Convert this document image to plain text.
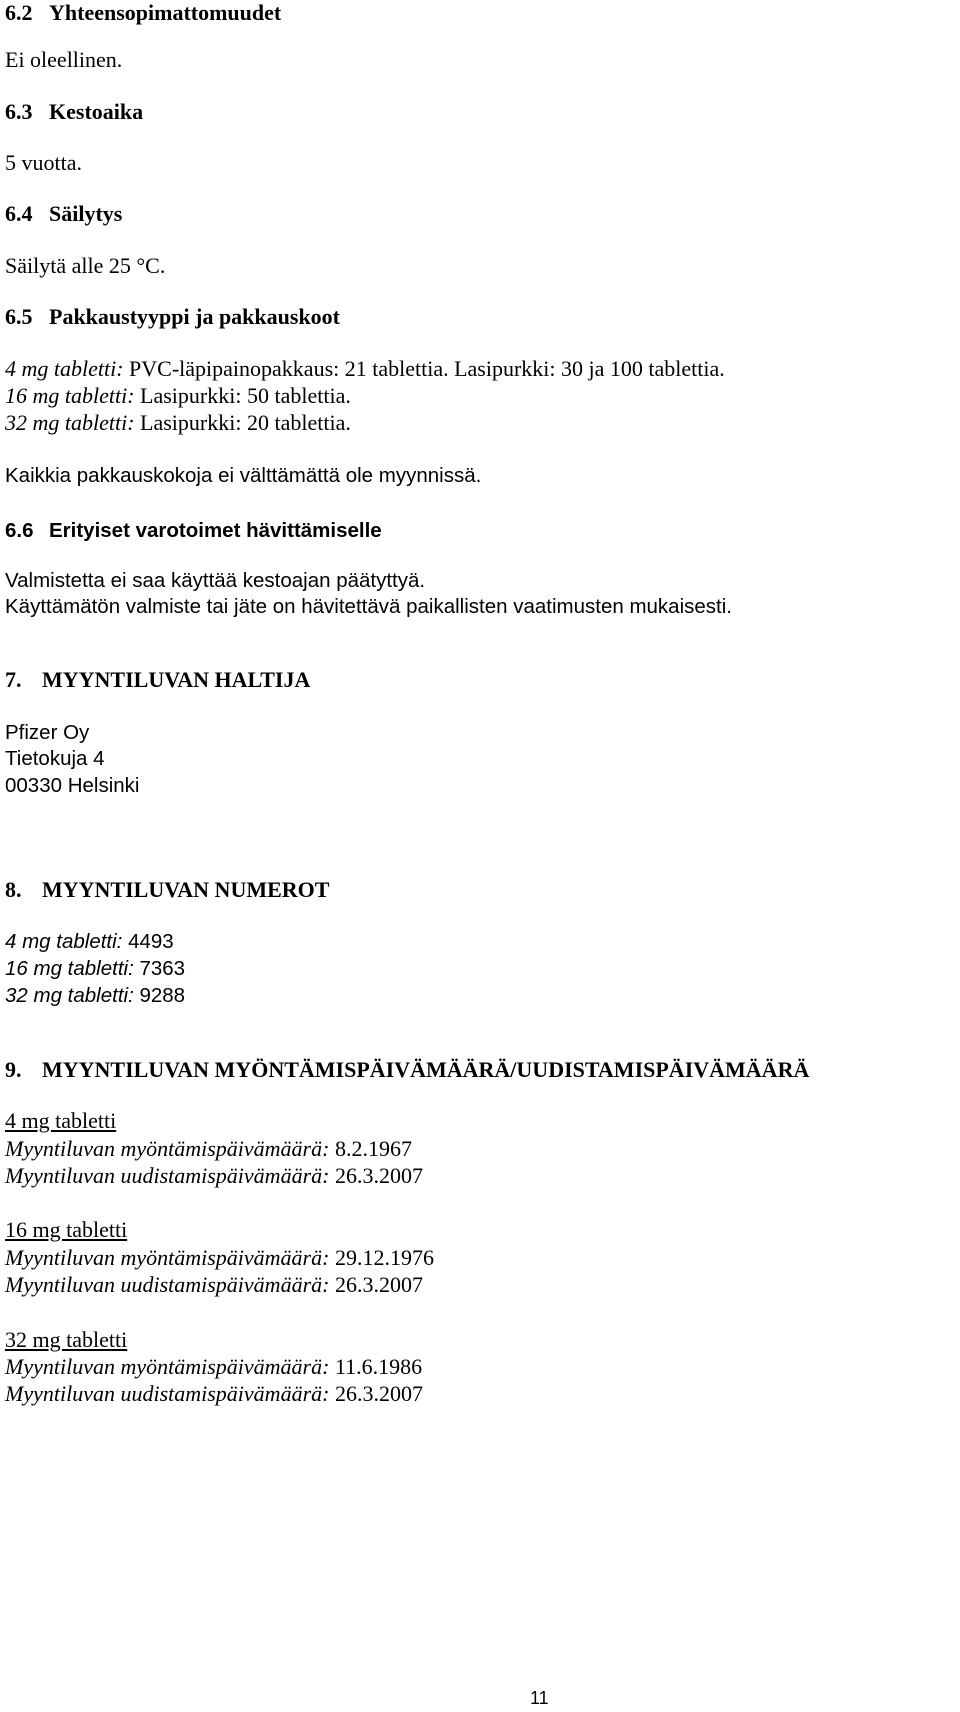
6.2 Yhteensopimattomuudet

Ei oleellinen.

6.3 Kestoaika

5 vuotta.

6.4 Säilytys

Säilytä alle 25 °C.

6.5 Pakkaustyyppi ja pakkauskoot

4 mg tabletti: PVC-läpipainopakkaus: 21 tablettia. Lasipurkki: 30 ja 100 tablettia.

16 mg tabletti: Lasipurkki: 50 tablettia.

32 mg tabletti: Lasipurkki: 20 tablettia.

Kaikkia pakkauskokoja ei välttämättä ole myynnissä.

6.6 Erityiset varotoimet hävittämiselle

Valmistetta ei saa käyttää kestoajan päätyttyä.

Käyttämätön valmiste tai jäte on hävitettävä paikallisten vaatimusten mukaisesti.

7. MYYNTILUVAN HALTIJA

Pfizer Oy

Tietokuja 4

00330 Helsinki

8. MYYNTILUVAN NUMEROT

4 mg tabletti: 4493

16 mg tabletti: 7363

32 mg tabletti: 9288

9. MYYNTILUVAN MYÖNTÄMISPÄIVÄMÄÄRÄ/UUDISTAMISPÄIVÄMÄÄRÄ

4 mg tabletti

Myyntiluvan myöntämispäivämäärä: 8.2.1967

Myyntiluvan uudistamispäivämäärä: 26.3.2007

16 mg tabletti

Myyntiluvan myöntämispäivämäärä: 29.12.1976

Myyntiluvan uudistamispäivämäärä: 26.3.2007

32 mg tabletti

Myyntiluvan myöntämispäivämäärä: 11.6.1986

Myyntiluvan uudistamispäivämäärä: 26.3.2007

11
